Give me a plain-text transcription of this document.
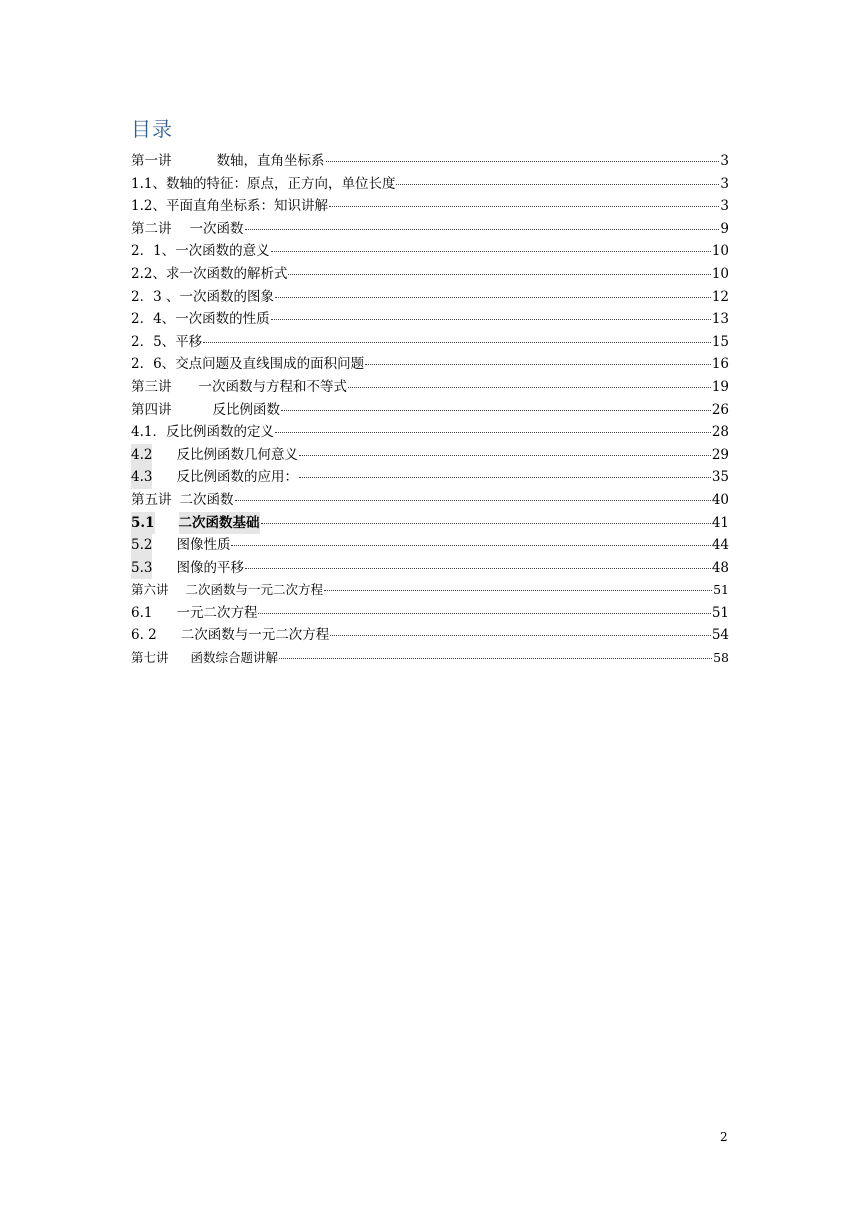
目录
第一讲	数轴，直角坐标系	3
1.1、 数轴的特征：原点，正方向，单位长度	3
1.2、 平面直角坐标系：知识讲解	3
第二讲 一次函数	9
2．1、 一次函数的意义	10
2.2、 求一次函数的解析式	10
2．3 、 一次函数的图象	12
2．4、 一次函数的性质	13
2．5、 平移	15
2．6、 交点问题及直线围成的面积问题	16
第三讲 一次函数与方程和不等式	19
第四讲	反比例函数	26
4.1． 反比例函数的定义	28
4.2 反比例函数几何意义	29
4.3 反比例函数的应用：	35
第五讲 二次函数	40
5.1 二次函数基础	41
5.2 图像性质	44
5.3 图像的平移	48
第六讲 二次函数与一元二次方程	51
6.1 一元二次方程	51
6. 2 二次函数与一元二次方程	54
第七讲 函数综合题讲解	58
2
